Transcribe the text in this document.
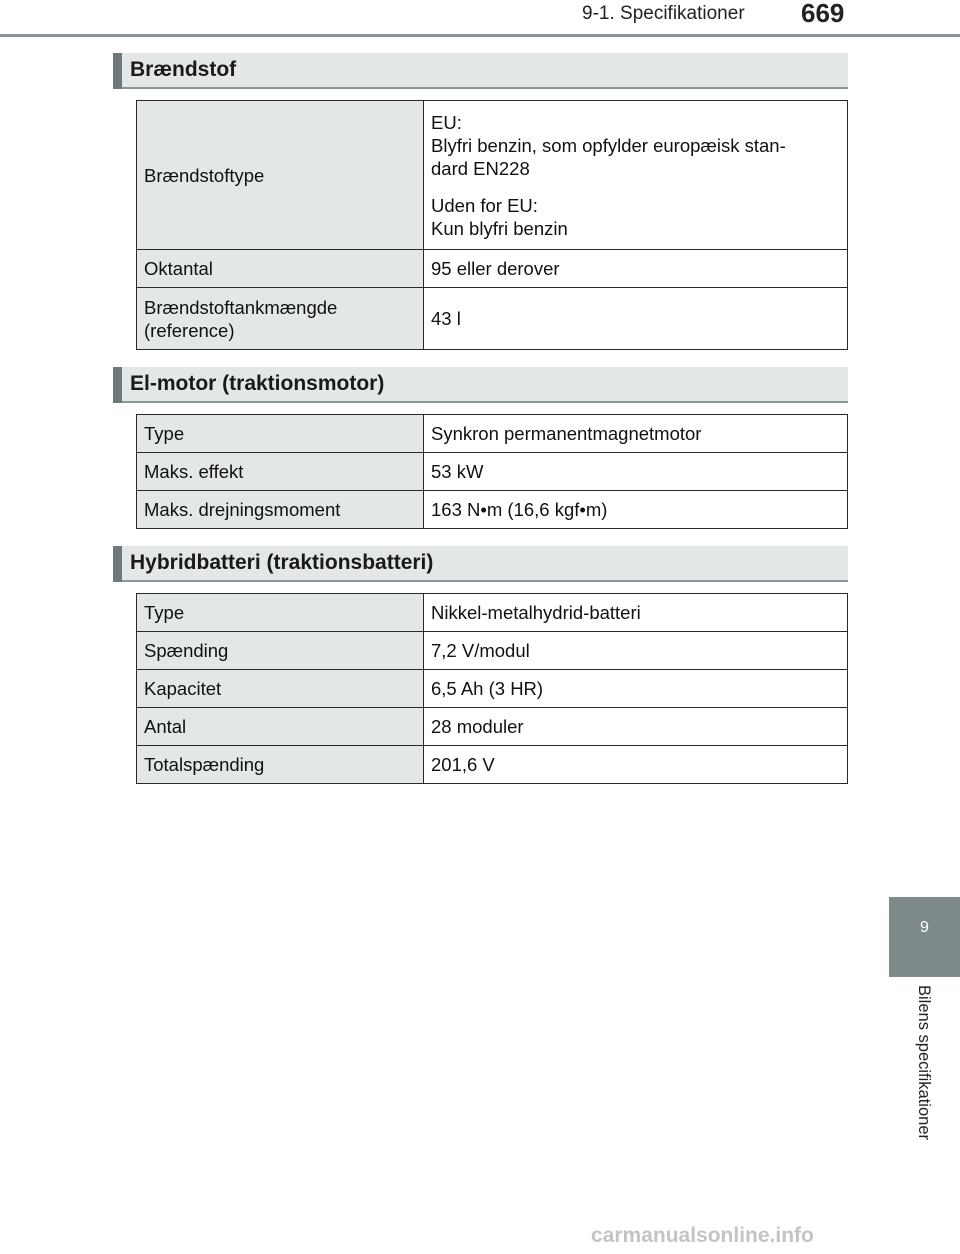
9-1. Specifikationer 669
9
Bilens specifikationer
Brændstof
Brændstoftype	EU:
Blyfri benzin, som opfylder europæisk stan-
dard EN228

Uden for EU:
Kun blyfri benzin

Oktantal	95 eller derover
Brændstoftankmængde (reference)	43 l
El-motor (traktionsmotor)
Type	Synkron permanentmagnetmotor
Maks. effekt	53 kW
Maks. drejningsmoment	163 N•m (16,6 kgf•m)
Hybridbatteri (traktionsbatteri)
Type	Nikkel-metalhydrid-batteri
Spænding	7,2 V/modul
Kapacitet	6,5 Ah (3 HR)
Antal	28 moduler
Totalspænding	201,6 V
carmanualsonline.info
